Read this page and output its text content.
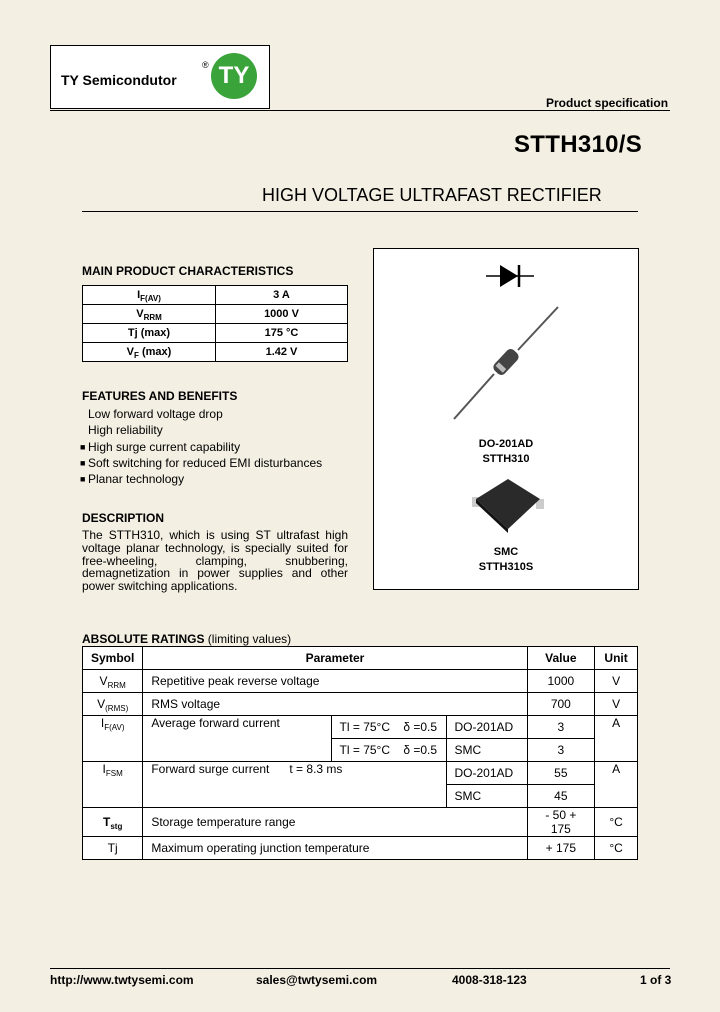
TY Semicondutor
® TY
Product specification
STTH310/S
HIGH VOLTAGE ULTRAFAST RECTIFIER
MAIN PRODUCT CHARACTERISTICS
$I_{F(AV)}$	3 A
$V_{RRM}$	1000 V
Tj (max)	175 °C
$V_F$ (max)	1.42 V
FEATURES AND BENEFITS
Low forward voltage drop
High reliability
■ High surge current capability
■ Soft switching for reduced EMI disturbances
■ Planar technology
DESCRIPTION
The STTH310, which is using ST ultrafast high voltage planar technology, is specially suited for free-wheeling, clamping, snubbering, demagnetization in power supplies and other power switching applications.
DO-201AD
STTH310
SMC
STTH310S
ABSOLUTE RATINGS (limiting values)
Symbol	Parameter			Value	Unit
$V_{RRM}$	Repetitive peak reverse voltage			1000	V
$V_{(RMS)}$	RMS voltage			700	V
$I_{F(AV)}$	Average forward current	Tl = 75°C    δ =0.5	DO-201AD	3	A
		Tl = 75°C    δ =0.5	SMC	3	
$I_{FSM}$	Forward surge current      t = 8.3 ms		DO-201AD	55	A
			SMC	45	
$T_{stg}$	Storage temperature range			- 50 + 175	°C
Tj	Maximum operating junction temperature			+ 175	°C
http://www.twtysemi.com	sales@twtysemi.com	4008-318-123	1 of 3
